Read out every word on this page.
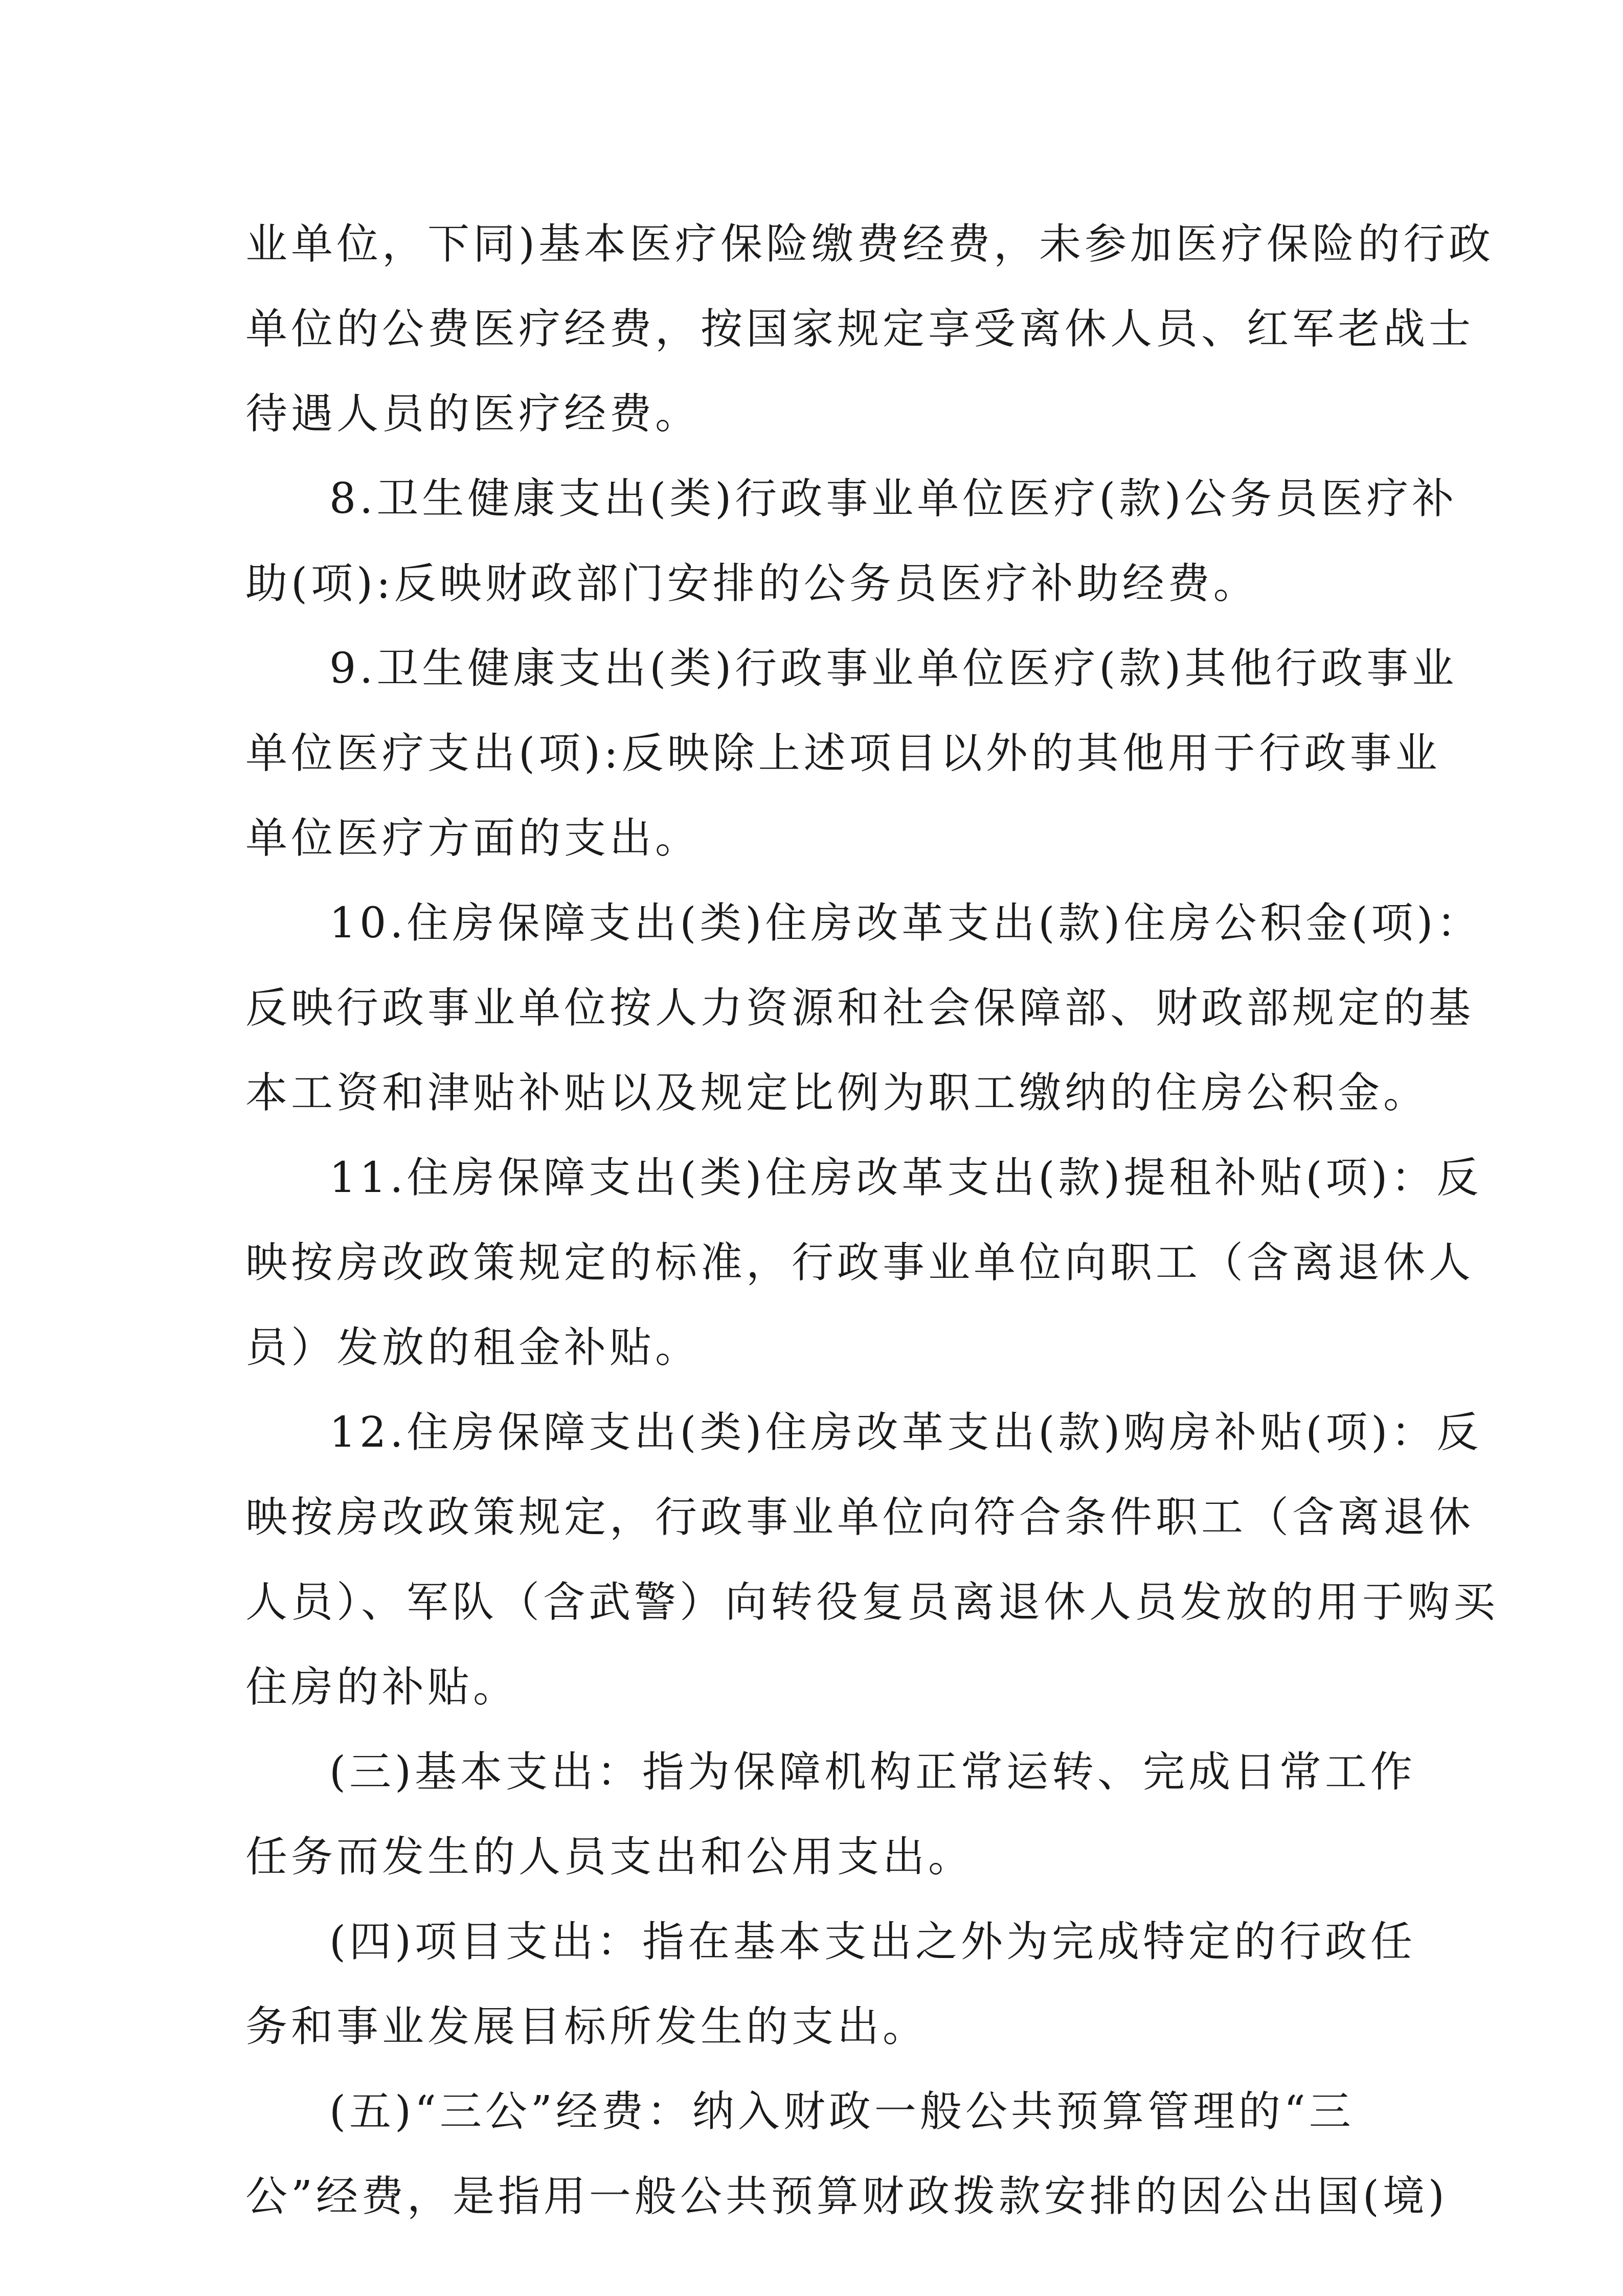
业单位，下同)基本医疗保险缴费经费，未参加医疗保险的行政
单位的公费医疗经费，按国家规定享受离休人员、红军老战士
待遇人员的医疗经费。

8.卫生健康支出(类)行政事业单位医疗(款)公务员医疗补
助(项):反映财政部门安排的公务员医疗补助经费。

9.卫生健康支出(类)行政事业单位医疗(款)其他行政事业
单位医疗支出(项):反映除上述项目以外的其他用于行政事业
单位医疗方面的支出。

10.住房保障支出(类)住房改革支出(款)住房公积金(项)：
反映行政事业单位按人力资源和社会保障部、财政部规定的基
本工资和津贴补贴以及规定比例为职工缴纳的住房公积金。

11.住房保障支出(类)住房改革支出(款)提租补贴(项)：反
映按房改政策规定的标准，行政事业单位向职工（含离退休人
员）发放的租金补贴。

12.住房保障支出(类)住房改革支出(款)购房补贴(项)：反
映按房改政策规定，行政事业单位向符合条件职工（含离退休
人员）、军队（含武警）向转役复员离退休人员发放的用于购买
住房的补贴。

(三)基本支出：指为保障机构正常运转、完成日常工作
任务而发生的人员支出和公用支出。

(四)项目支出：指在基本支出之外为完成特定的行政任
务和事业发展目标所发生的支出。

(五)“三公”经费：纳入财政一般公共预算管理的“三
公”经费，是指用一般公共预算财政拨款安排的因公出国(境)
